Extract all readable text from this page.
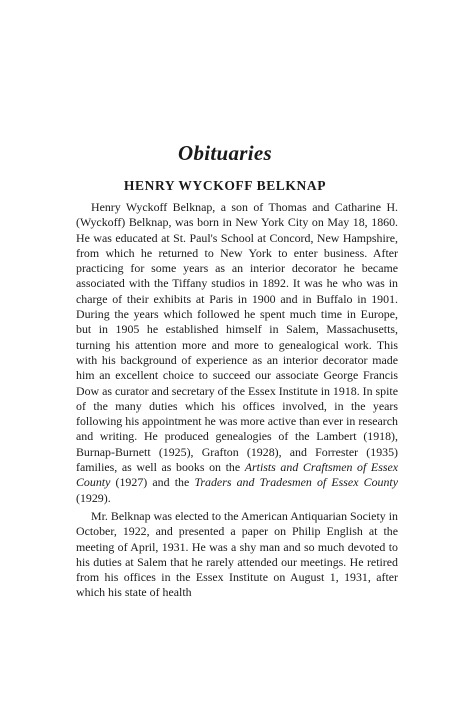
Obituaries
HENRY WYCKOFF BELKNAP

Henry Wyckoff Belknap, a son of Thomas and Catharine H. (Wyckoff) Belknap, was born in New York City on May 18, 1860. He was educated at St. Paul's School at Concord, New Hampshire, from which he returned to New York to enter business. After practicing for some years as an interior decorator he became associated with the Tiffany studios in 1892. It was he who was in charge of their exhibits at Paris in 1900 and in Buffalo in 1901. During the years which followed he spent much time in Europe, but in 1905 he established himself in Salem, Massachusetts, turning his attention more and more to genealogical work. This with his background of experience as an interior decorator made him an excellent choice to succeed our associate George Francis Dow as curator and secretary of the Essex Institute in 1918. In spite of the many duties which his offices involved, in the years following his appointment he was more active than ever in research and writing. He produced genealogies of the Lambert (1918), Burnap-Burnett (1925), Grafton (1928), and Forrester (1935) families, as well as books on the Artists and Craftsmen of Essex County (1927) and the Traders and Tradesmen of Essex County (1929).

Mr. Belknap was elected to the American Antiquarian Society in October, 1922, and presented a paper on Philip English at the meeting of April, 1931. He was a shy man and so much devoted to his duties at Salem that he rarely attended our meetings. He retired from his offices in the Essex Institute on August 1, 1931, after which his state of health
